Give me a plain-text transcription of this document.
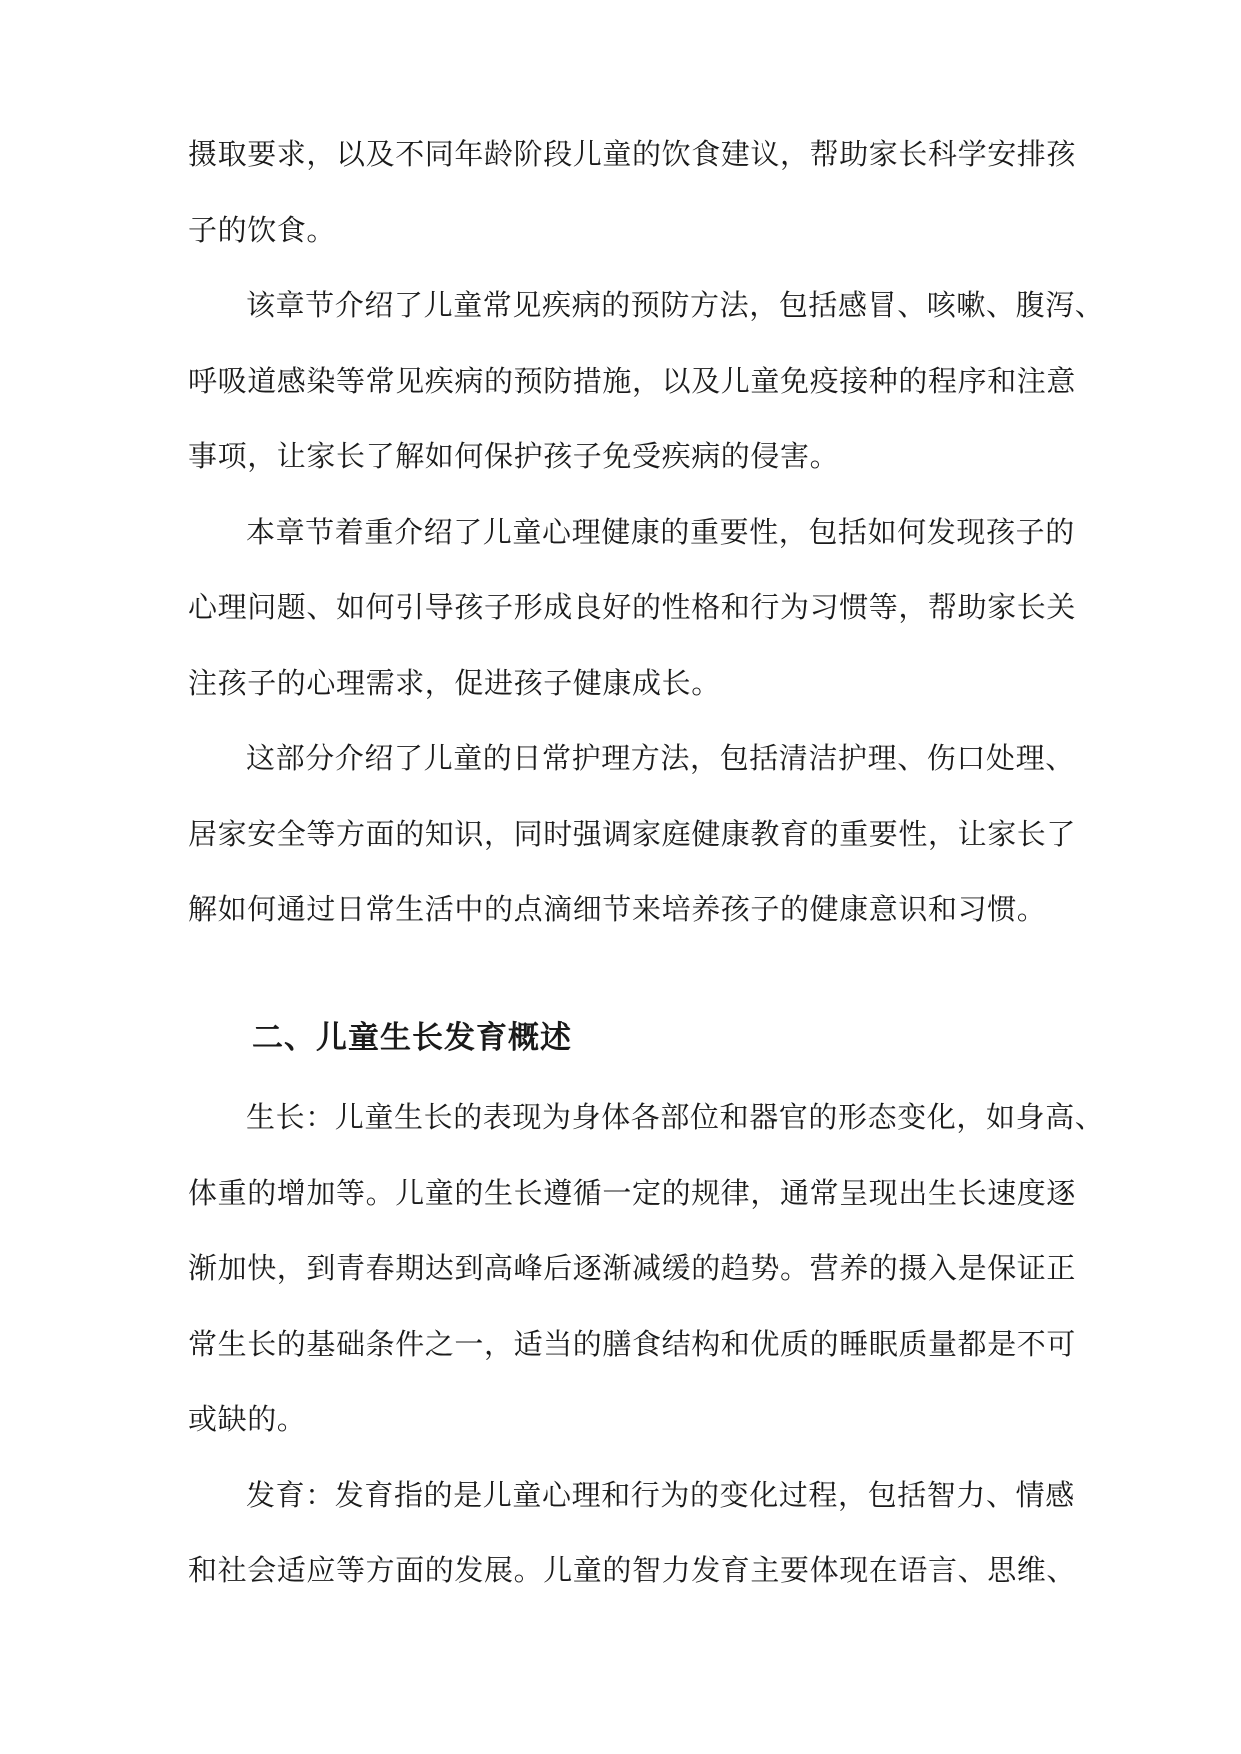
摄取要求，以及不同年龄阶段儿童的饮食建议，帮助家长科学安排孩
子的饮食。
该章节介绍了儿童常见疾病的预防方法，包括感冒、咳嗽、腹泻、
呼吸道感染等常见疾病的预防措施，以及儿童免疫接种的程序和注意
事项，让家长了解如何保护孩子免受疾病的侵害。
本章节着重介绍了儿童心理健康的重要性，包括如何发现孩子的
心理问题、如何引导孩子形成良好的性格和行为习惯等，帮助家长关
注孩子的心理需求，促进孩子健康成长。
这部分介绍了儿童的日常护理方法，包括清洁护理、伤口处理、
居家安全等方面的知识，同时强调家庭健康教育的重要性，让家长了
解如何通过日常生活中的点滴细节来培养孩子的健康意识和习惯。
二、儿童生长发育概述
生长：儿童生长的表现为身体各部位和器官的形态变化，如身高、
体重的增加等。儿童的生长遵循一定的规律，通常呈现出生长速度逐
渐加快，到青春期达到高峰后逐渐减缓的趋势。营养的摄入是保证正
常生长的基础条件之一，适当的膳食结构和优质的睡眠质量都是不可
或缺的。
发育：发育指的是儿童心理和行为的变化过程，包括智力、情感
和社会适应等方面的发展。儿童的智力发育主要体现在语言、思维、
